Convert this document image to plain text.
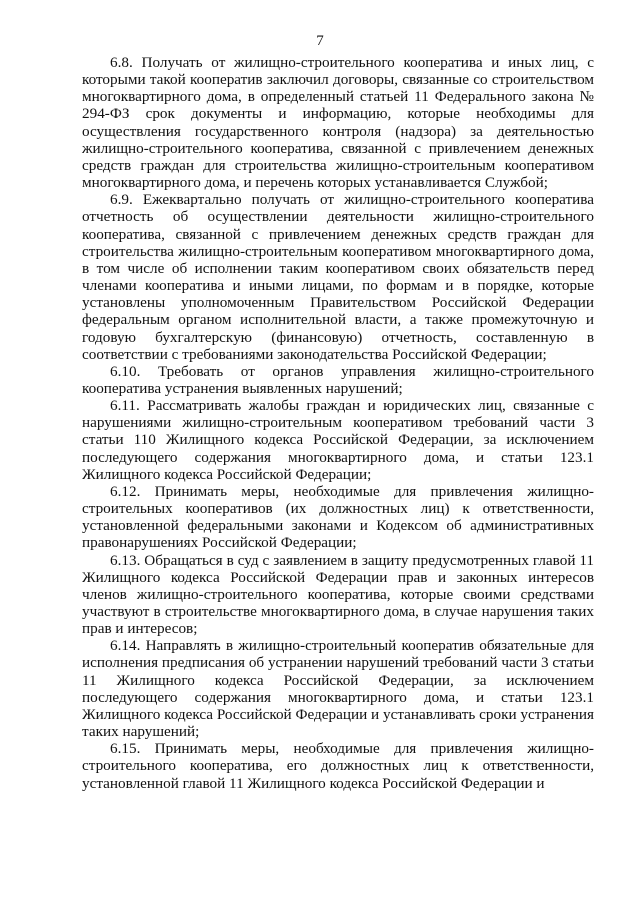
7

6.8. Получать от жилищно-строительного кооператива и иных лиц, с которыми такой кооператив заключил договоры, связанные со строительством многоквартирного дома, в определенный статьей 11 Федерального закона № 294-ФЗ срок документы и информацию, которые необходимы для осуществления государственного контроля (надзора) за деятельностью жилищно-строительного кооператива, связанной с привлечением денежных средств граждан для строительства жилищно-строительным кооперативом многоквартирного дома, и перечень которых устанавливается Службой;

6.9. Ежеквартально получать от жилищно-строительного кооператива отчетность об осуществлении деятельности жилищно-строительного кооператива, связанной с привлечением денежных средств граждан для строительства жилищно-строительным кооперативом многоквартирного дома, в том числе об исполнении таким кооперативом своих обязательств перед членами кооператива и иными лицами, по формам и в порядке, которые установлены уполномоченным Правительством Российской Федерации федеральным органом исполнительной власти, а также промежуточную и годовую бухгалтерскую (финансовую) отчетность, составленную в соответствии с требованиями законодательства Российской Федерации;

6.10. Требовать от органов управления жилищно-строительного кооператива устранения выявленных нарушений;

6.11. Рассматривать жалобы граждан и юридических лиц, связанные с нарушениями жилищно-строительным кооперативом требований части 3 статьи 110 Жилищного кодекса Российской Федерации, за исключением последующего содержания многоквартирного дома, и статьи 123.1 Жилищного кодекса Российской Федерации;

6.12. Принимать меры, необходимые для привлечения жилищно-строительных кооперативов (их должностных лиц) к ответственности, установленной федеральными законами и Кодексом об административных правонарушениях Российской Федерации;

6.13. Обращаться в суд с заявлением в защиту предусмотренных главой 11 Жилищного кодекса Российской Федерации прав и законных интересов членов жилищно-строительного кооператива, которые своими средствами участвуют в строительстве многоквартирного дома, в случае нарушения таких прав и интересов;

6.14. Направлять в жилищно-строительный кооператив обязательные для исполнения предписания об устранении нарушений требований части 3 статьи 11 Жилищного кодекса Российской Федерации, за исключением последующего содержания многоквартирного дома, и статьи 123.1 Жилищного кодекса Российской Федерации и устанавливать сроки устранения таких нарушений;

6.15. Принимать меры, необходимые для привлечения жилищно-строительного кооператива, его должностных лиц к ответственности, установленной главой 11 Жилищного кодекса Российской Федерации и
